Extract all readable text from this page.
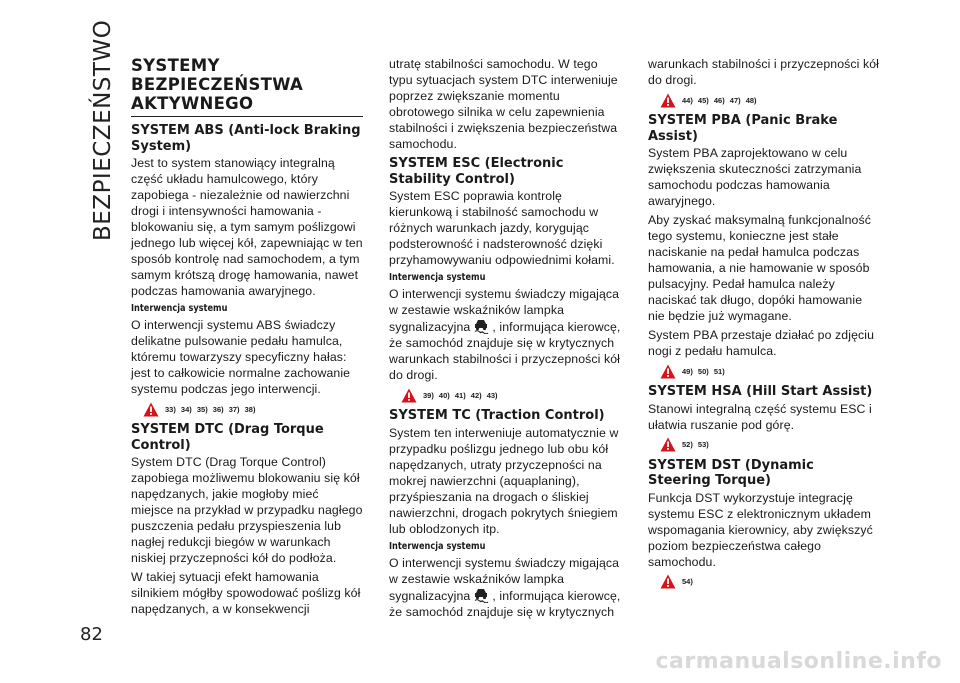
BEZPIECZEŃSTWO
82
SYSTEMY BEZPIECZEŃSTWA AKTYWNEGO
SYSTEM ABS (Anti-lock Braking System)

Jest to system stanowiący integralną część układu hamulcowego, który zapobiega - niezależnie od nawierzchni drogi i intensywności hamowania - blokowaniu się, a tym samym poślizgowi jednego lub więcej kół, zapewniając w ten sposób kontrolę nad samochodem, a tym samym krótszą drogę hamowania, nawet podczas hamowania awaryjnego.

Interwencja systemu

O interwencji systemu ABS świadczy delikatne pulsowanie pedału hamulca, któremu towarzyszy specyficzny hałas: jest to całkowicie normalne zachowanie systemu podczas jego interwencji.

33) 34) 35) 36) 37) 38)
SYSTEM DTC (Drag Torque Control)

System DTC (Drag Torque Control) zapobiega możliwemu blokowaniu się kół napędzanych, jakie mogłoby mieć miejsce na przykład w przypadku nagłego puszczenia pedału przyspieszenia lub nagłej redukcji biegów w warunkach niskiej przyczepności kół do podłoża.

W takiej sytuacji efekt hamowania silnikiem mógłby spowodować poślizg kół napędzanych, a w konsekwencji

utratę stabilności samochodu. W tego typu sytuacjach system DTC interweniuje poprzez zwiększanie momentu obrotowego silnika w celu zapewnienia stabilności i zwiększenia bezpieczeństwa samochodu.

SYSTEM ESC (Electronic Stability Control)

System ESC poprawia kontrolę kierunkową i stabilność samochodu w różnych warunkach jazdy, korygując podsterowność i nadsterowność dzięki przyhamowywaniu odpowiednimi kołami.

Interwencja systemu

O interwencji systemu świadczy migająca w zestawie wskaźników lampka sygnalizacyjna , informująca kierowcę, że samochód znajduje się w krytycznych warunkach stabilności i przyczepności kół do drogi.

39) 40) 41) 42) 43)
SYSTEM TC (Traction Control)

System ten interweniuje automatycznie w przypadku poślizgu jednego lub obu kół napędzanych, utraty przyczepności na mokrej nawierzchni (aquaplaning), przyśpieszania na drogach o śliskiej nawierzchni, drogach pokrytych śniegiem lub oblodzonych itp.

Interwencja systemu

O interwencji systemu świadczy migająca w zestawie wskaźników lampka sygnalizacyjna , informująca kierowcę, że samochód znajduje się w krytycznych

warunkach stabilności i przyczepności kół do drogi.

44) 45) 46) 47) 48)
SYSTEM PBA (Panic Brake Assist)

System PBA zaprojektowano w celu zwiększenia skuteczności zatrzymania samochodu podczas hamowania awaryjnego.

Aby zyskać maksymalną funkcjonalność tego systemu, konieczne jest stałe naciskanie na pedał hamulca podczas hamowania, a nie hamowanie w sposób pulsacyjny. Pedał hamulca należy naciskać tak długo, dopóki hamowanie nie będzie już wymagane.

System PBA przestaje działać po zdjęciu nogi z pedału hamulca.

49) 50) 51)
SYSTEM HSA (Hill Start Assist)

Stanowi integralną część systemu ESC i ułatwia ruszanie pod górę.

52) 53)
SYSTEM DST (Dynamic Steering Torque)

Funkcja DST wykorzystuje integrację systemu ESC z elektronicznym układem wspomagania kierownicy, aby zwiększyć poziom bezpieczeństwa całego samochodu.

54)
carmanualsonline.info
